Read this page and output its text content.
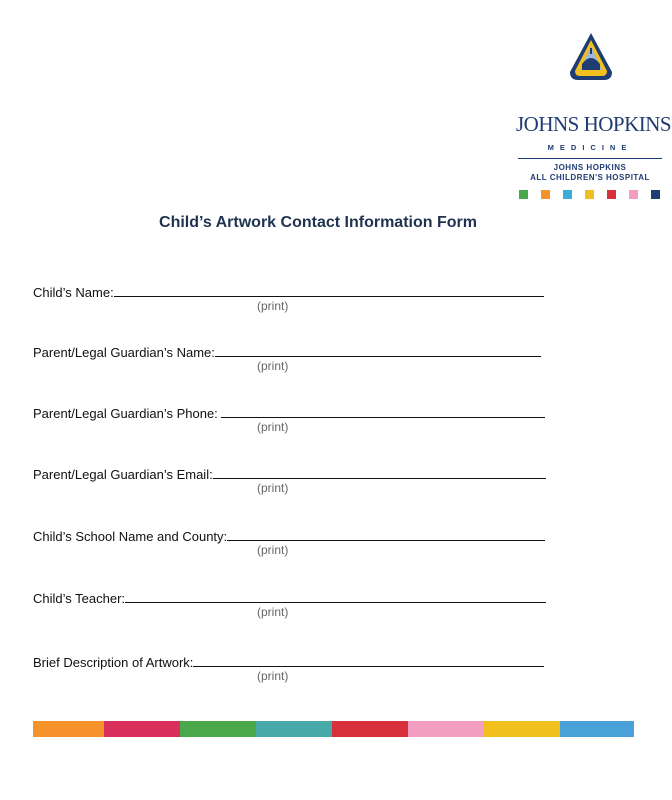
JOHNS HOPKINS
MEDICINE
JOHNS HOPKINS
ALL CHILDREN'S HOSPITAL
Child’s Artwork Contact Information Form
Child’s Name:
(print)
Parent/Legal Guardian’s Name:
(print)
Parent/Legal Guardian’s Phone:
(print)
Parent/Legal Guardian’s Email:
(print)
Child’s School Name and County:
(print)
Child’s Teacher:
(print)
Brief Description of Artwork:
(print)
